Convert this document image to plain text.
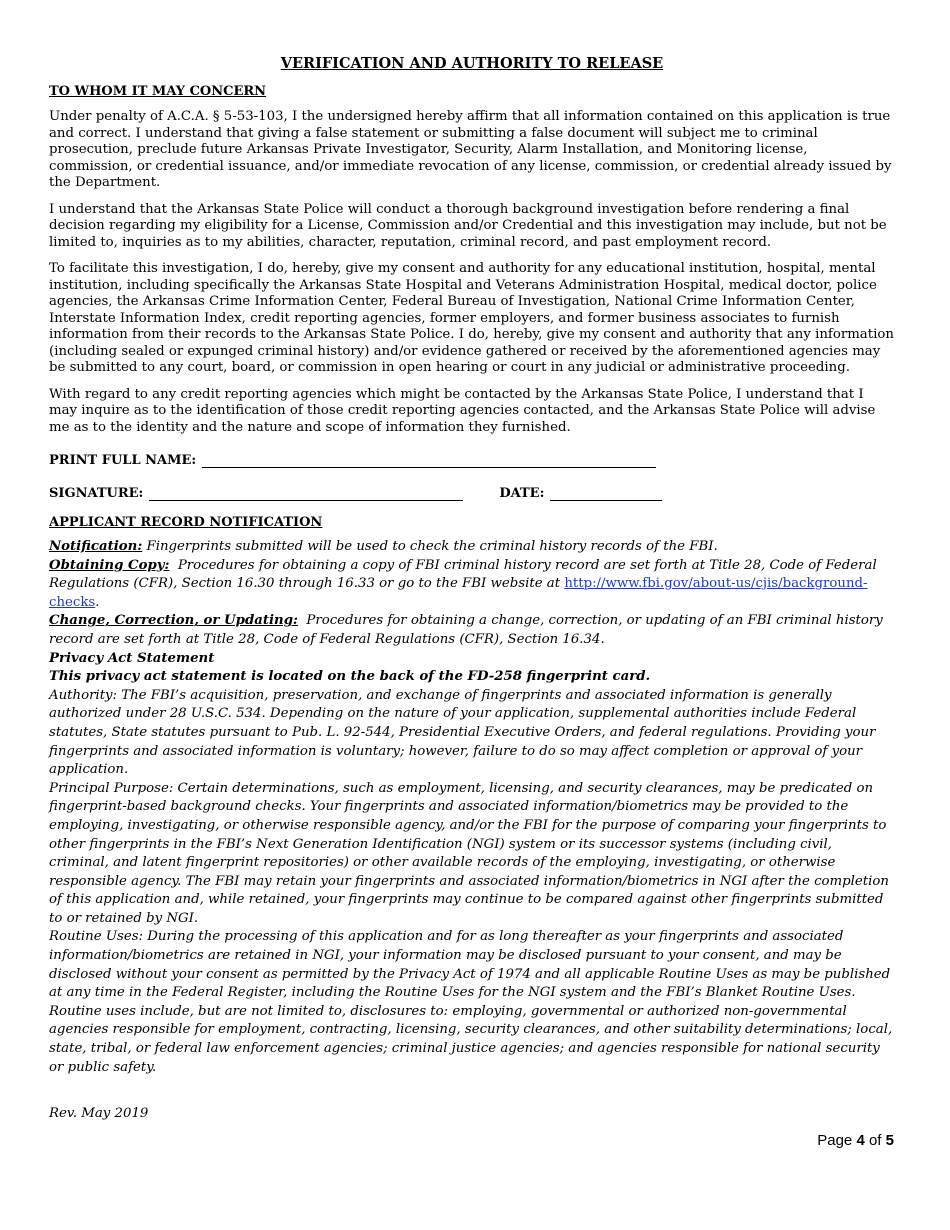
VERIFICATION AND AUTHORITY TO RELEASE
TO WHOM IT MAY CONCERN

Under penalty of A.C.A. § 5-53-103, I the undersigned hereby affirm that all information contained on this application is true and correct. I understand that giving a false statement or submitting a false document will subject me to criminal prosecution, preclude future Arkansas Private Investigator, Security, Alarm Installation, and Monitoring license, commission, or credential issuance, and/or immediate revocation of any license, commission, or credential already issued by the Department.

I understand that the Arkansas State Police will conduct a thorough background investigation before rendering a final decision regarding my eligibility for a License, Commission and/or Credential and this investigation may include, but not be limited to, inquiries as to my abilities, character, reputation, criminal record, and past employment record.

To facilitate this investigation, I do, hereby, give my consent and authority for any educational institution, hospital, mental institution, including specifically the Arkansas State Hospital and Veterans Administration Hospital, medical doctor, police agencies, the Arkansas Crime Information Center, Federal Bureau of Investigation, National Crime Information Center, Interstate Information Index, credit reporting agencies, former employers, and former business associates to furnish information from their records to the Arkansas State Police. I do, hereby, give my consent and authority that any information (including sealed or expunged criminal history) and/or evidence gathered or received by the aforementioned agencies may be submitted to any court, board, or commission in open hearing or court in any judicial or administrative proceeding.

With regard to any credit reporting agencies which might be contacted by the Arkansas State Police, I understand that I may inquire as to the identification of those credit reporting agencies contacted, and the Arkansas State Police will advise me as to the identity and the nature and scope of information they furnished.

PRINT FULL NAME:
SIGNATURE:	DATE:
APPLICANT RECORD NOTIFICATION

Notification: Fingerprints submitted will be used to check the criminal history records of the FBI.

Obtaining Copy: Procedures for obtaining a copy of FBI criminal history record are set forth at Title 28, Code of Federal Regulations (CFR), Section 16.30 through 16.33 or go to the FBI website at http://www.fbi.gov/about-us/cjis/background-checks.

Change, Correction, or Updating: Procedures for obtaining a change, correction, or updating of an FBI criminal history record are set forth at Title 28, Code of Federal Regulations (CFR), Section 16.34.

Privacy Act Statement

This privacy act statement is located on the back of the FD-258 fingerprint card.

Authority: The FBI’s acquisition, preservation, and exchange of fingerprints and associated information is generally authorized under 28 U.S.C. 534. Depending on the nature of your application, supplemental authorities include Federal statutes, State statutes pursuant to Pub. L. 92-544, Presidential Executive Orders, and federal regulations. Providing your fingerprints and associated information is voluntary; however, failure to do so may affect completion or approval of your application.

Principal Purpose: Certain determinations, such as employment, licensing, and security clearances, may be predicated on fingerprint-based background checks. Your fingerprints and associated information/biometrics may be provided to the employing, investigating, or otherwise responsible agency, and/or the FBI for the purpose of comparing your fingerprints to other fingerprints in the FBI’s Next Generation Identification (NGI) system or its successor systems (including civil, criminal, and latent fingerprint repositories) or other available records of the employing, investigating, or otherwise responsible agency. The FBI may retain your fingerprints and associated information/biometrics in NGI after the completion of this application and, while retained, your fingerprints may continue to be compared against other fingerprints submitted to or retained by NGI.

Routine Uses: During the processing of this application and for as long thereafter as your fingerprints and associated information/biometrics are retained in NGI, your information may be disclosed pursuant to your consent, and may be disclosed without your consent as permitted by the Privacy Act of 1974 and all applicable Routine Uses as may be published at any time in the Federal Register, including the Routine Uses for the NGI system and the FBI’s Blanket Routine Uses. Routine uses include, but are not limited to, disclosures to: employing, governmental or authorized non-governmental agencies responsible for employment, contracting, licensing, security clearances, and other suitability determinations; local, state, tribal, or federal law enforcement agencies; criminal justice agencies; and agencies responsible for national security or public safety.

Rev. May 2019
Page 4 of 5
